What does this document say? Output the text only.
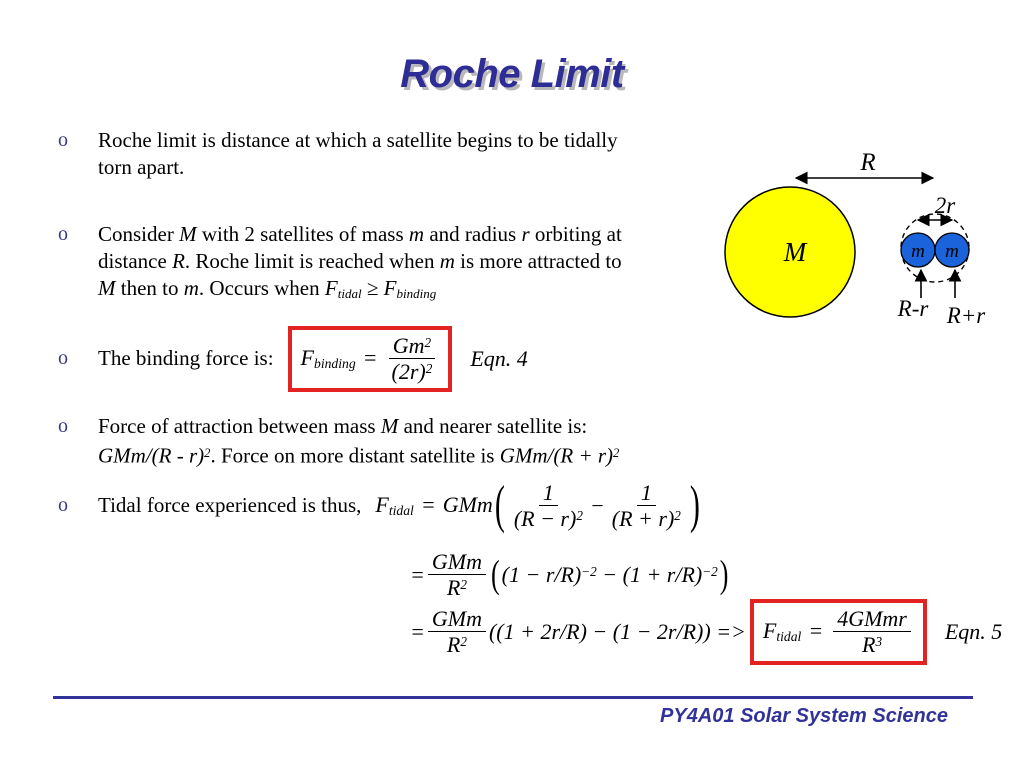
Roche Limit
o	Roche limit is distance at which a satellite begins to be tidally
torn apart.
o	Consider M with 2 satellites of mass m and radius r orbiting at
distance R. Roche limit is reached when m is more attracted to
M then to m. Occurs when Ftidal ≥ Fbinding
o	The binding force is: Fbinding = $\frac{Gm^2}{(2r)^2}$ Eqn. 4
o	Force of attraction between mass M and nearer satellite is:
GMm/(R - r)$^2$. Force on more distant satellite is $GMm/(R + r)^2$
o	Tidal force experienced is thus, Ftidal = GMm ( $\frac{1}{(R - r)^2} - \frac{1}{(R + r)^2}$ )
= $\frac{\text{GMm}}{R^2}$ ( $(1 - r/R)^{-2} - (1 + r/R)^{-2}$ )
= $\frac{\text{GMm}}{R^2} ((1 + 2r/R) - (1 - 2r/R))$ => Ftidal = $\frac{\text{4GMmr}}{R^3}$ Eqn. 5
R
M
2r
m m
R-r R+r
PY4A01 Solar System Science
